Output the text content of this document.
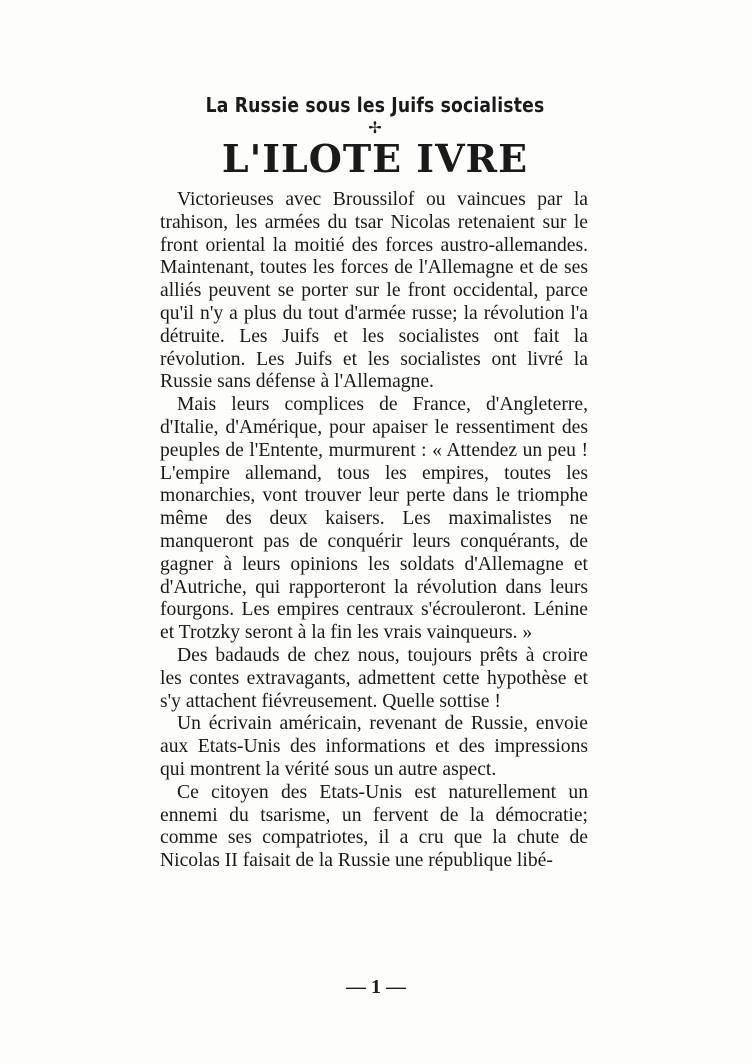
La Russie sous les Juifs socialistes
✢
L'ILOTE IVRE

Victorieuses avec Broussilof ou vaincues par la trahison, les armées du tsar Nicolas retenaient sur le front oriental la moitié des forces austro-allemandes. Maintenant, toutes les forces de l'Allemagne et de ses alliés peuvent se porter sur le front occidental, parce qu'il n'y a plus du tout d'armée russe; la révolution l'a détruite. Les Juifs et les socialistes ont fait la révolution. Les Juifs et les socialistes ont livré la Russie sans défense à l'Allemagne.

Mais leurs complices de France, d'Angleterre, d'Italie, d'Amérique, pour apaiser le ressentiment des peuples de l'Entente, murmurent : « Attendez un peu ! L'empire allemand, tous les empires, toutes les monarchies, vont trouver leur perte dans le triomphe même des deux kaisers. Les maximalistes ne manqueront pas de conquérir leurs conquérants, de gagner à leurs opinions les soldats d'Allemagne et d'Autriche, qui rapporteront la révolution dans leurs fourgons. Les empires centraux s'écrouleront. Lénine et Trotzky seront à la fin les vrais vainqueurs. »

Des badauds de chez nous, toujours prêts à croire les contes extravagants, admettent cette hypothèse et s'y attachent fiévreusement. Quelle sottise !

Un écrivain américain, revenant de Russie, envoie aux Etats-Unis des informations et des impressions qui montrent la vérité sous un autre aspect.

Ce citoyen des Etats-Unis est naturellement un ennemi du tsarisme, un fervent de la démocratie; comme ses compatriotes, il a cru que la chute de Nicolas II faisait de la Russie une république libé-

— 1 —
